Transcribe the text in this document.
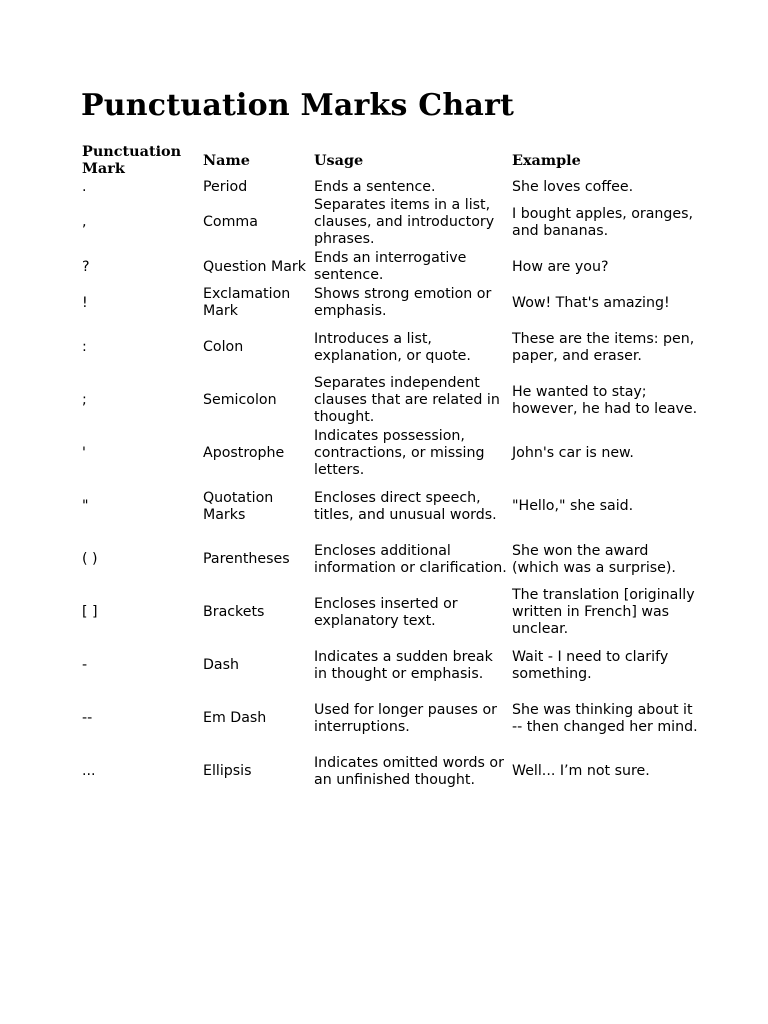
Punctuation Marks Chart
Punctuation Mark	Name	Usage	Example
.	Period	Ends a sentence.	She loves coffee.
,	Comma	Separates items in a list, clauses, and introductory phrases.	I bought apples, oranges, and bananas.
?	Question Mark	Ends an interrogative sentence.	How are you?
!	Exclamation Mark	Shows strong emotion or emphasis.	Wow! That's amazing!
:	Colon	Introduces a list, explanation, or quote.	These are the items: pen, paper, and eraser.
;	Semicolon	Separates independent clauses that are related in thought.	He wanted to stay; however, he had to leave.
'	Apostrophe	Indicates possession, contractions, or missing letters.	John's car is new.
"	Quotation Marks	Encloses direct speech, titles, and unusual words.	"Hello," she said.
( )	Parentheses	Encloses additional information or clarification.	She won the award (which was a surprise).
[ ]	Brackets	Encloses inserted or explanatory text.	The translation [originally written in French] was unclear.
-	Dash	Indicates a sudden break in thought or emphasis.	Wait - I need to clarify something.
--	Em Dash	Used for longer pauses or interruptions.	She was thinking about it -- then changed her mind.
...	Ellipsis	Indicates omitted words or an unfinished thought.	Well... I’m not sure.
